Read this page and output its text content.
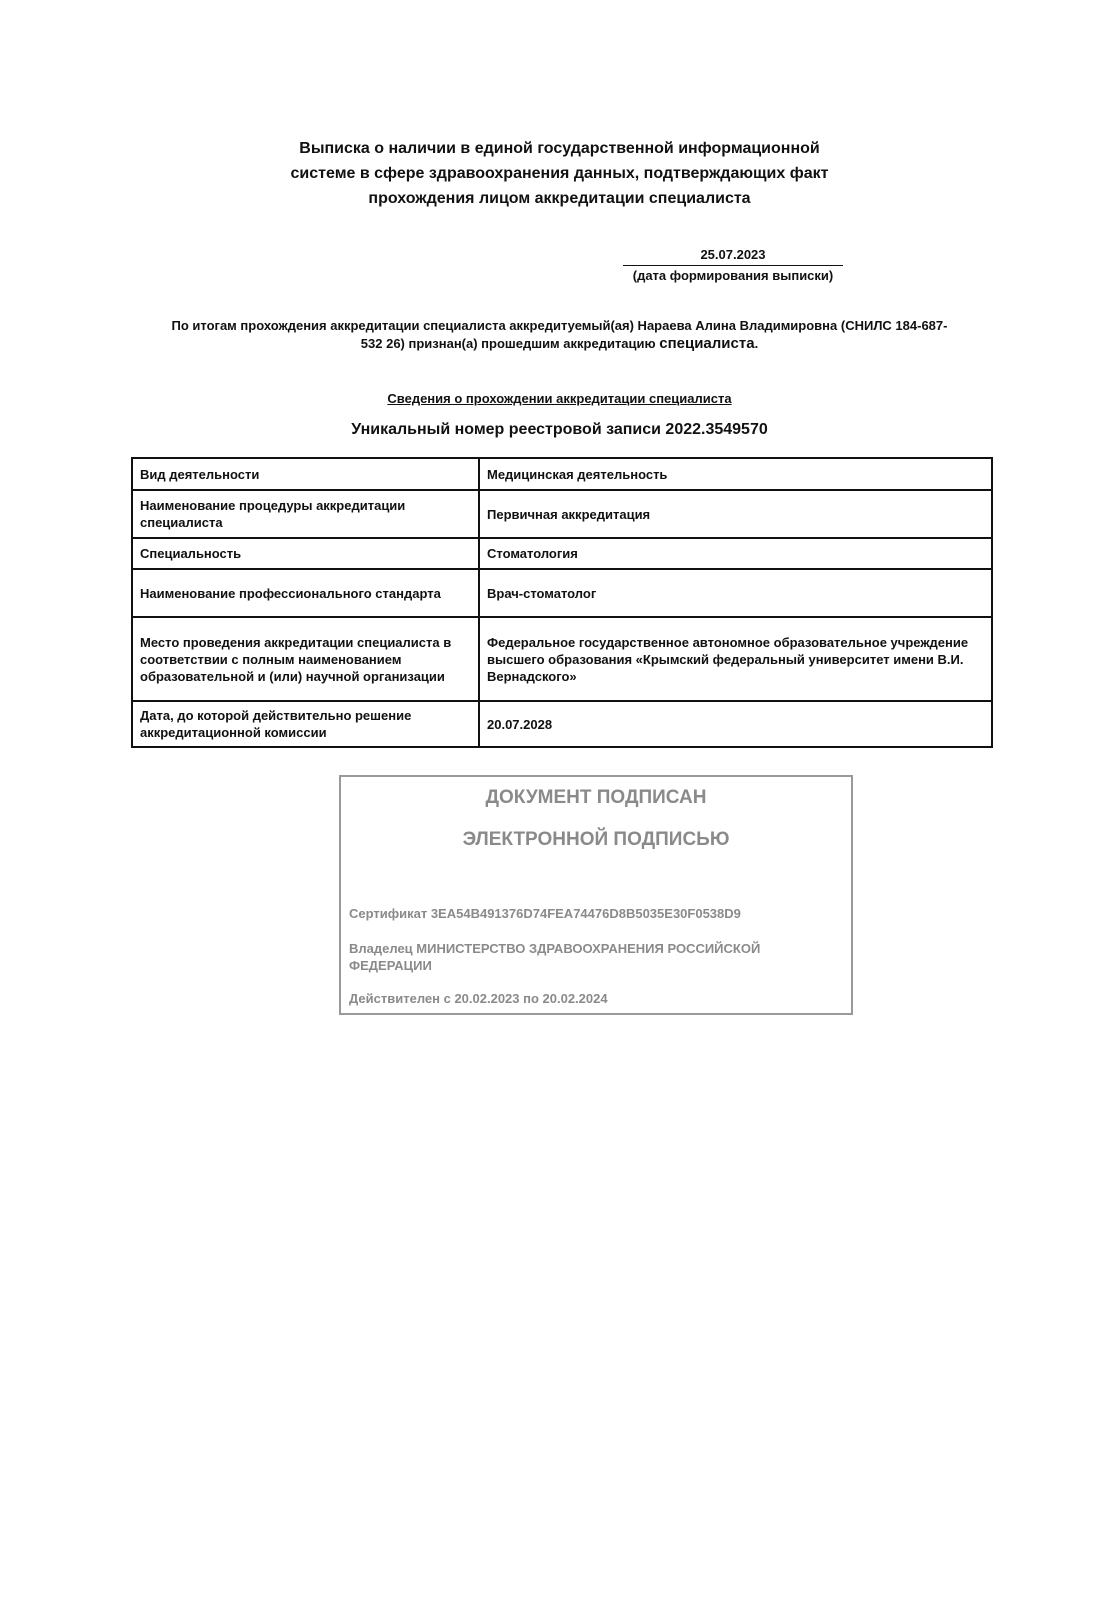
Выписка о наличии в единой государственной информационной
системе в сфере здравоохранения данных, подтверждающих факт
прохождения лицом аккредитации специалиста
25.07.2023
(дата формирования выписки)
По итогам прохождения аккредитации специалиста аккредитуемый(ая) Нараева Алина Владимировна (СНИЛС 184-687-
532 26) признан(а) прошедшим аккредитацию специалиста.
Сведения о прохождении аккредитации специалиста
Уникальный номер реестровой записи 2022.3549570
Вид деятельности	Медицинская деятельность
Наименование процедуры аккредитации специалиста	Первичная аккредитация
Специальность	Стоматология
Наименование профессионального стандарта	Врач-стоматолог
Место проведения аккредитации специалиста в соответствии с полным наименованием образовательной и (или) научной организации	Федеральное государственное автономное образовательное учреждение высшего образования «Крымский федеральный университет имени В.И. Вернадского»
Дата, до которой действительно решение аккредитационной комиссии	20.07.2028
ДОКУМЕНТ ПОДПИСАН
ЭЛЕКТРОННОЙ ПОДПИСЬЮ
Сертификат 3EA54B491376D74FEA74476D8B5035E30F0538D9
Владелец МИНИСТЕРСТВО ЗДРАВООХРАНЕНИЯ РОССИЙСКОЙ ФЕДЕРАЦИИ
Действителен с 20.02.2023 по 20.02.2024
